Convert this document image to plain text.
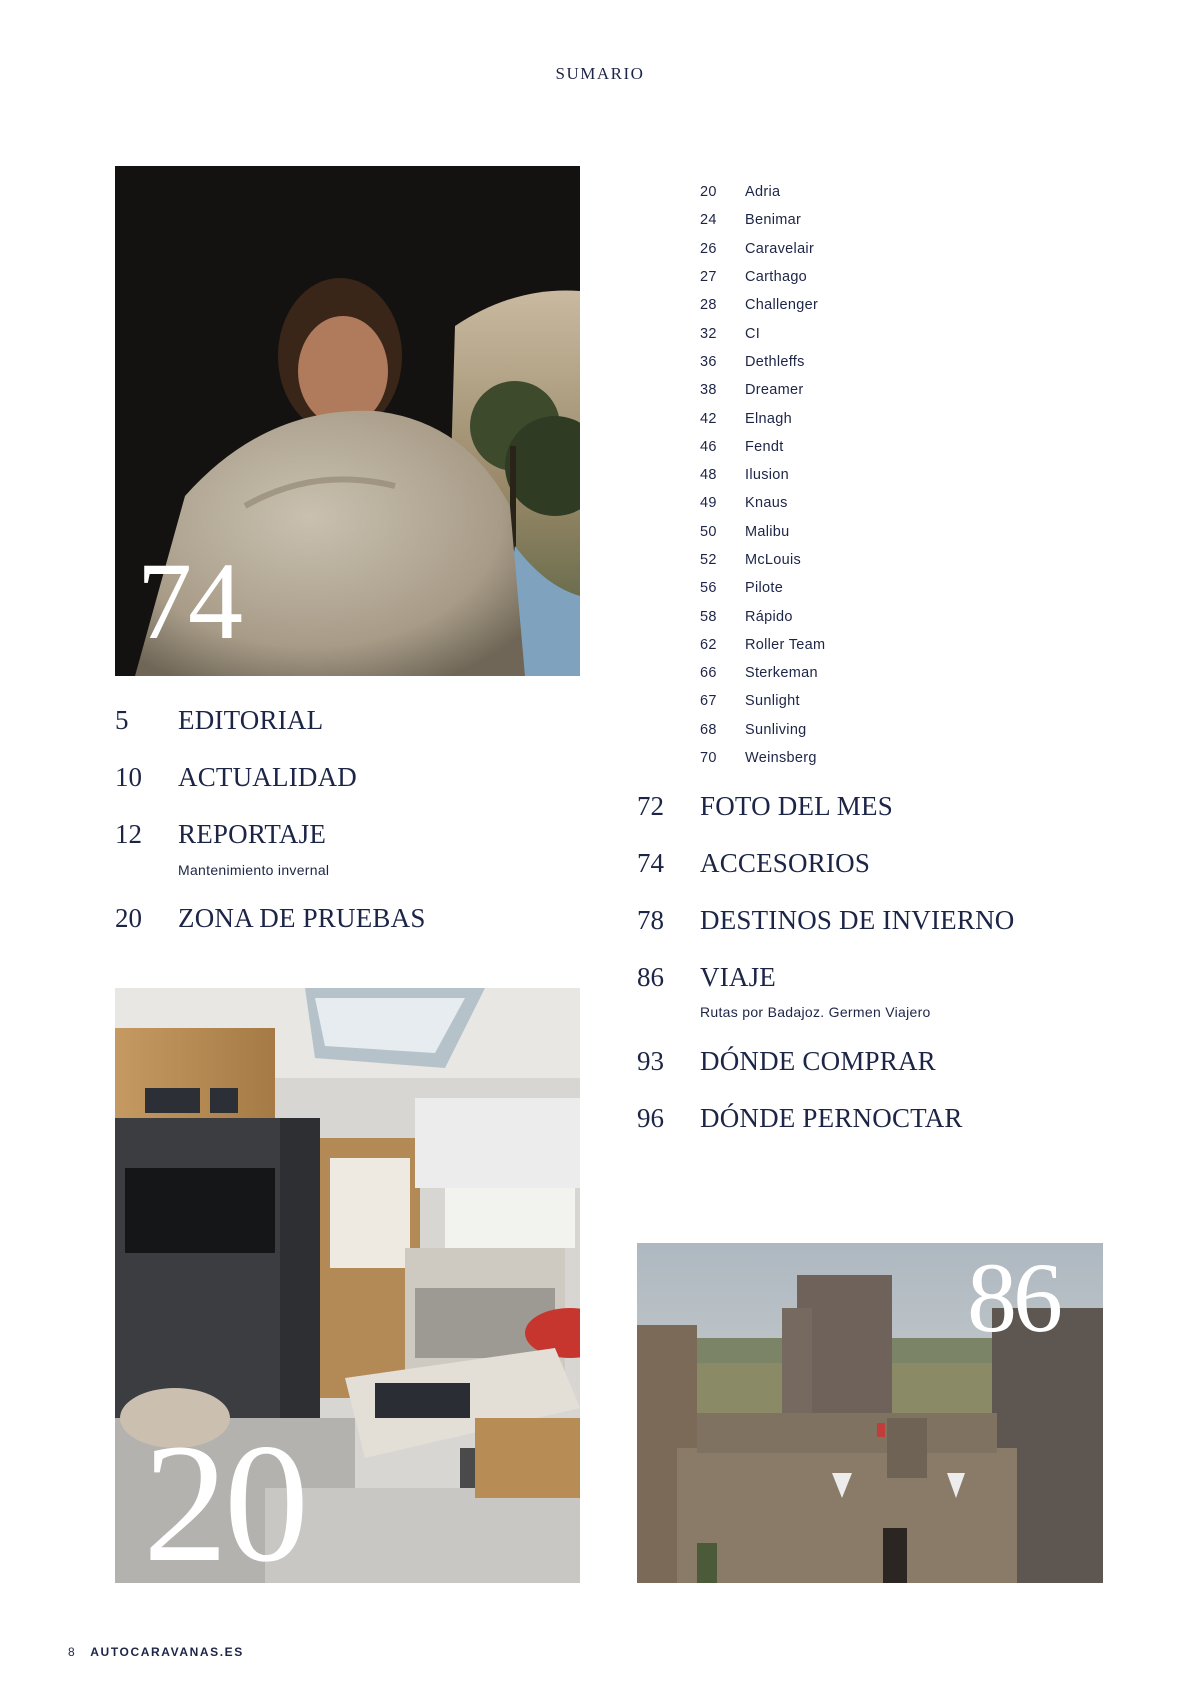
SUMARIO
74
5	EDITORIAL
10	ACTUALIDAD
12	REPORTAJE
Mantenimiento invernal
20	ZONA DE PRUEBAS
20
20	Adria
24	Benimar
26	Caravelair
27	Carthago
28	Challenger
32	CI
36	Dethleffs
38	Dreamer
42	Elnagh
46	Fendt
48	Ilusion
49	Knaus
50	Malibu
52	McLouis
56	Pilote
58	Rápido
62	Roller Team
66	Sterkeman
67	Sunlight
68	Sunliving
70	Weinsberg
72	FOTO DEL MES
74	ACCESORIOS
78	DESTINOS DE INVIERNO
86	VIAJE
Rutas por Badajoz. Germen Viajero
93	DÓNDE COMPRAR
96	DÓNDE PERNOCTAR
86
8 AUTOCARAVANAS.ES
